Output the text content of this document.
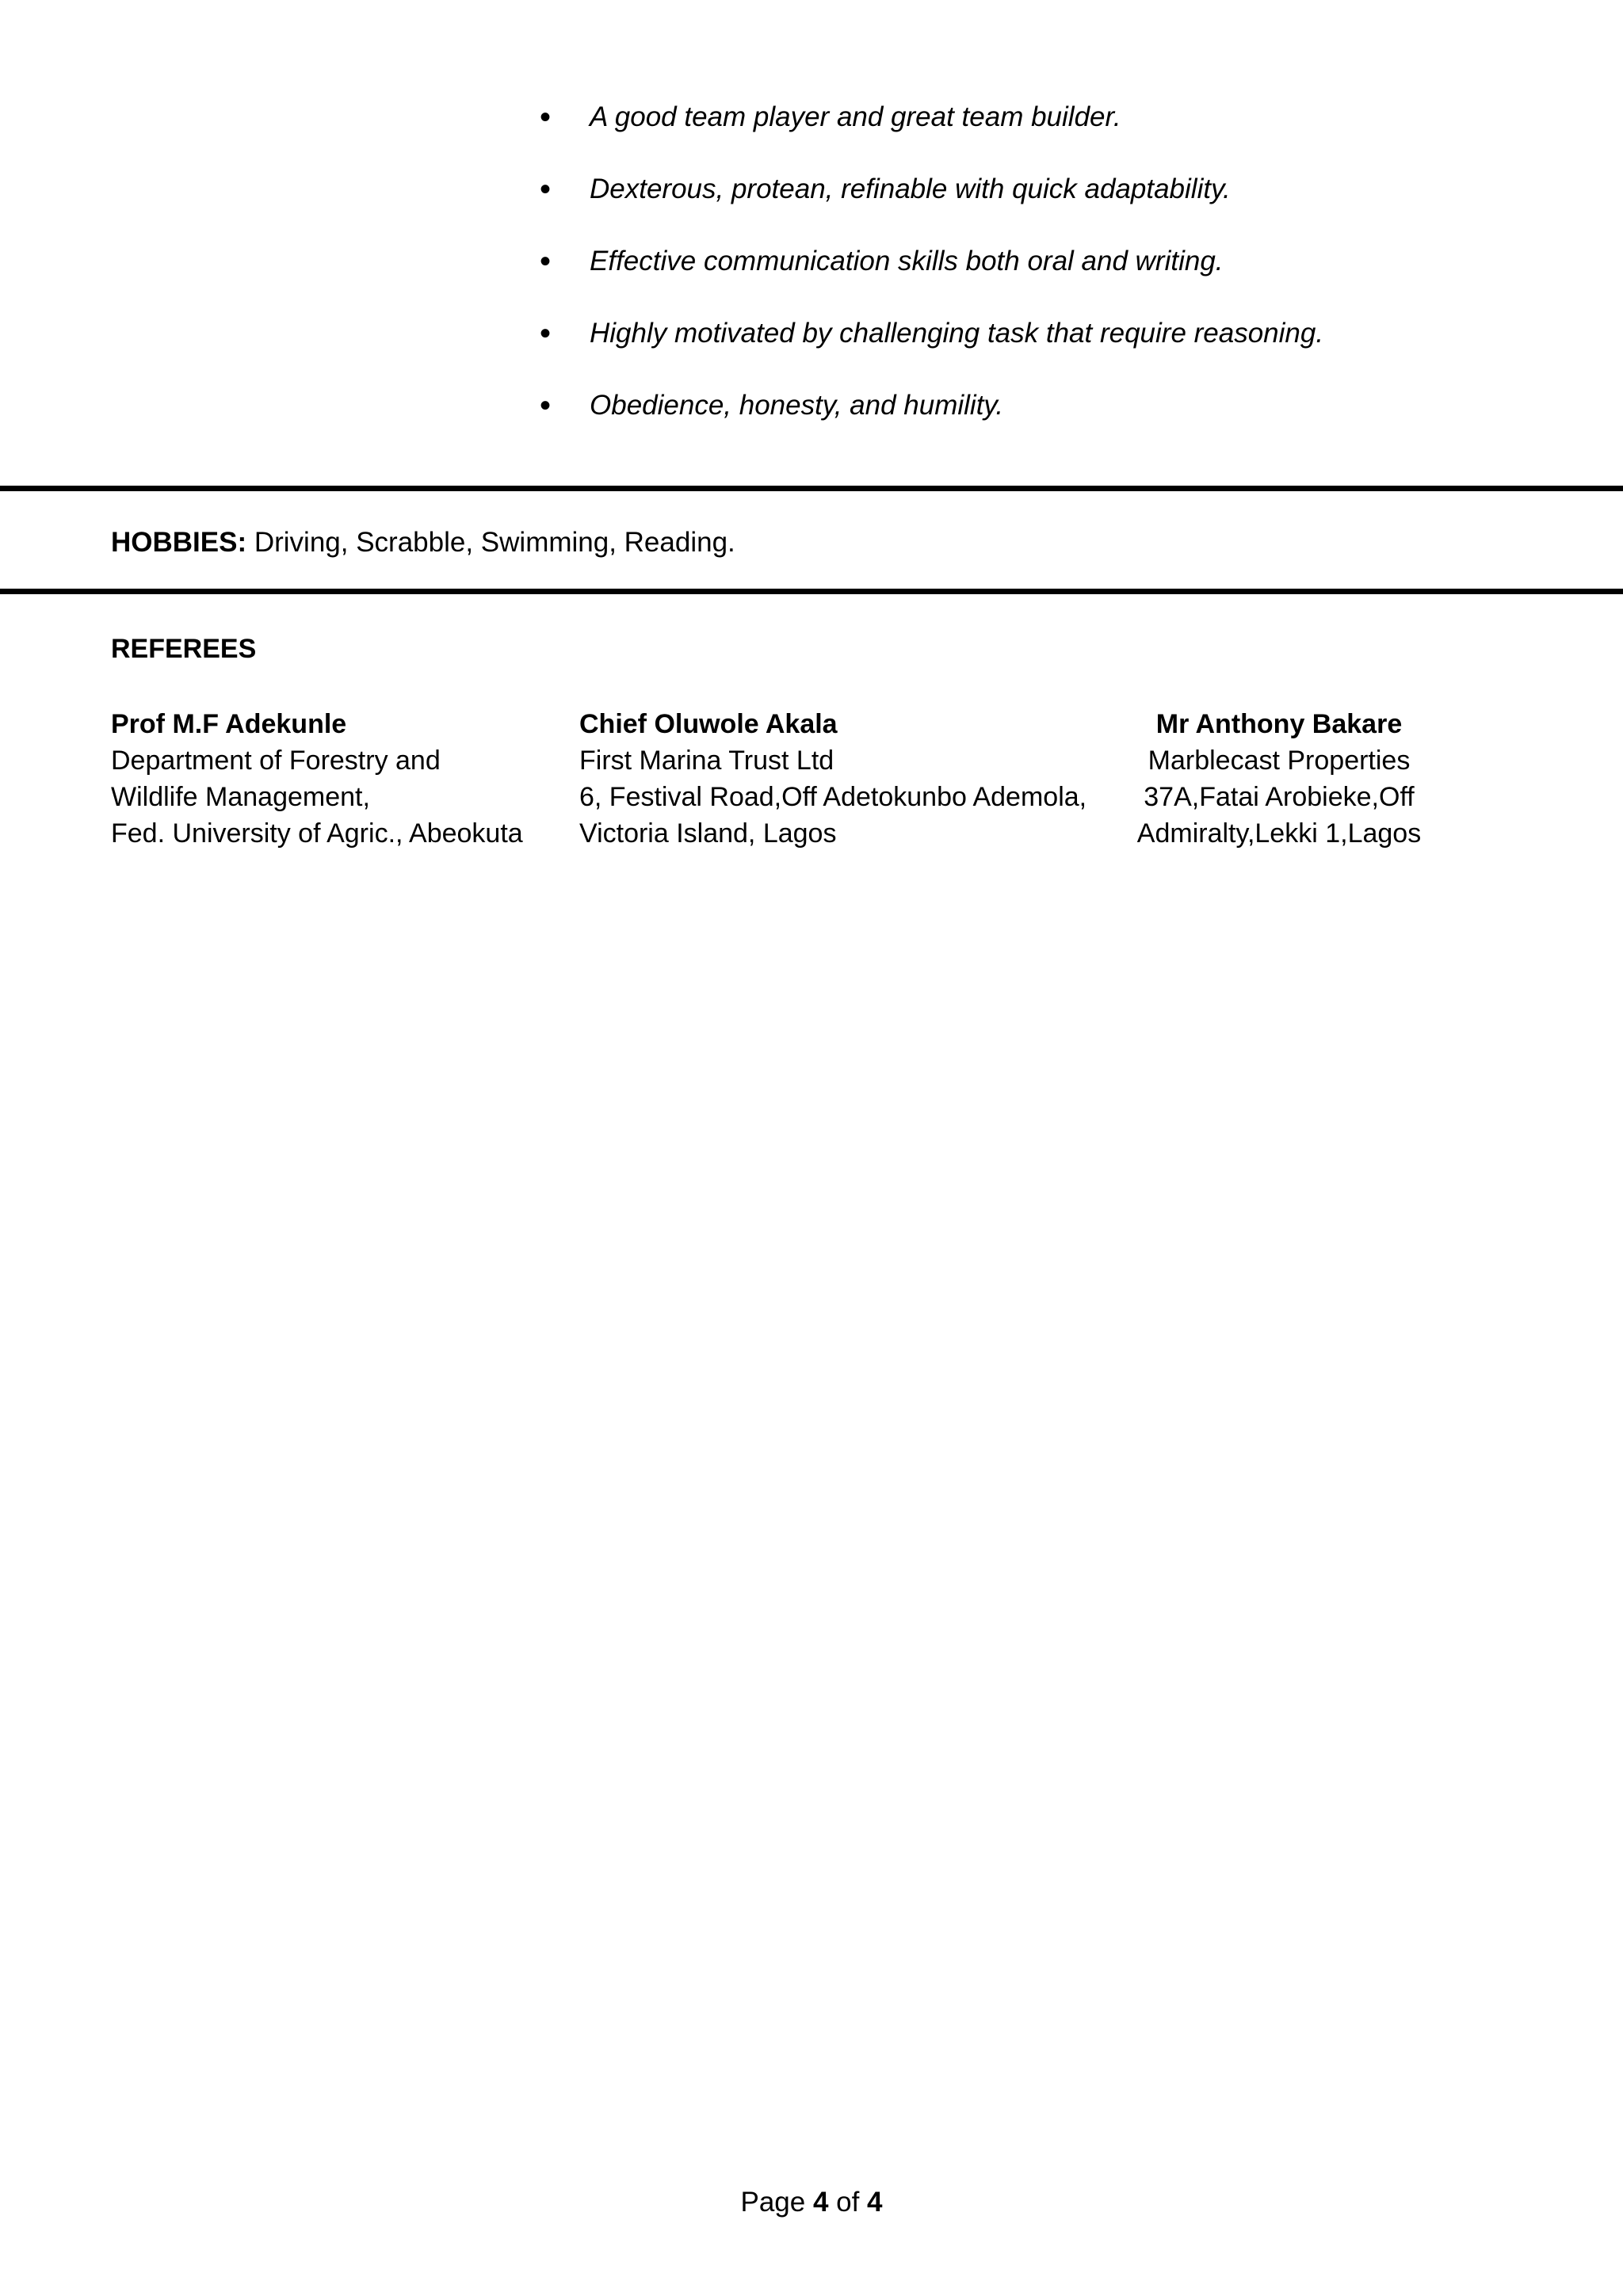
• A good team player and great team builder.
• Dexterous, protean, refinable with quick adaptability.
• Effective communication skills both oral and writing.
• Highly motivated by challenging task that require reasoning.
• Obedience, honesty, and humility.
HOBBIES: Driving, Scrabble, Swimming, Reading.
REFEREES
Prof M.F Adekunle
Department of Forestry and
Wildlife Management,
Fed. University of Agric., Abeokuta
Chief Oluwole Akala
First Marina Trust Ltd
6, Festival Road,Off Adetokunbo Ademola,
Victoria Island, Lagos
Mr Anthony Bakare
Marblecast Properties
37A,Fatai Arobieke,Off
Admiralty,Lekki 1,Lagos
Page 4 of 4
